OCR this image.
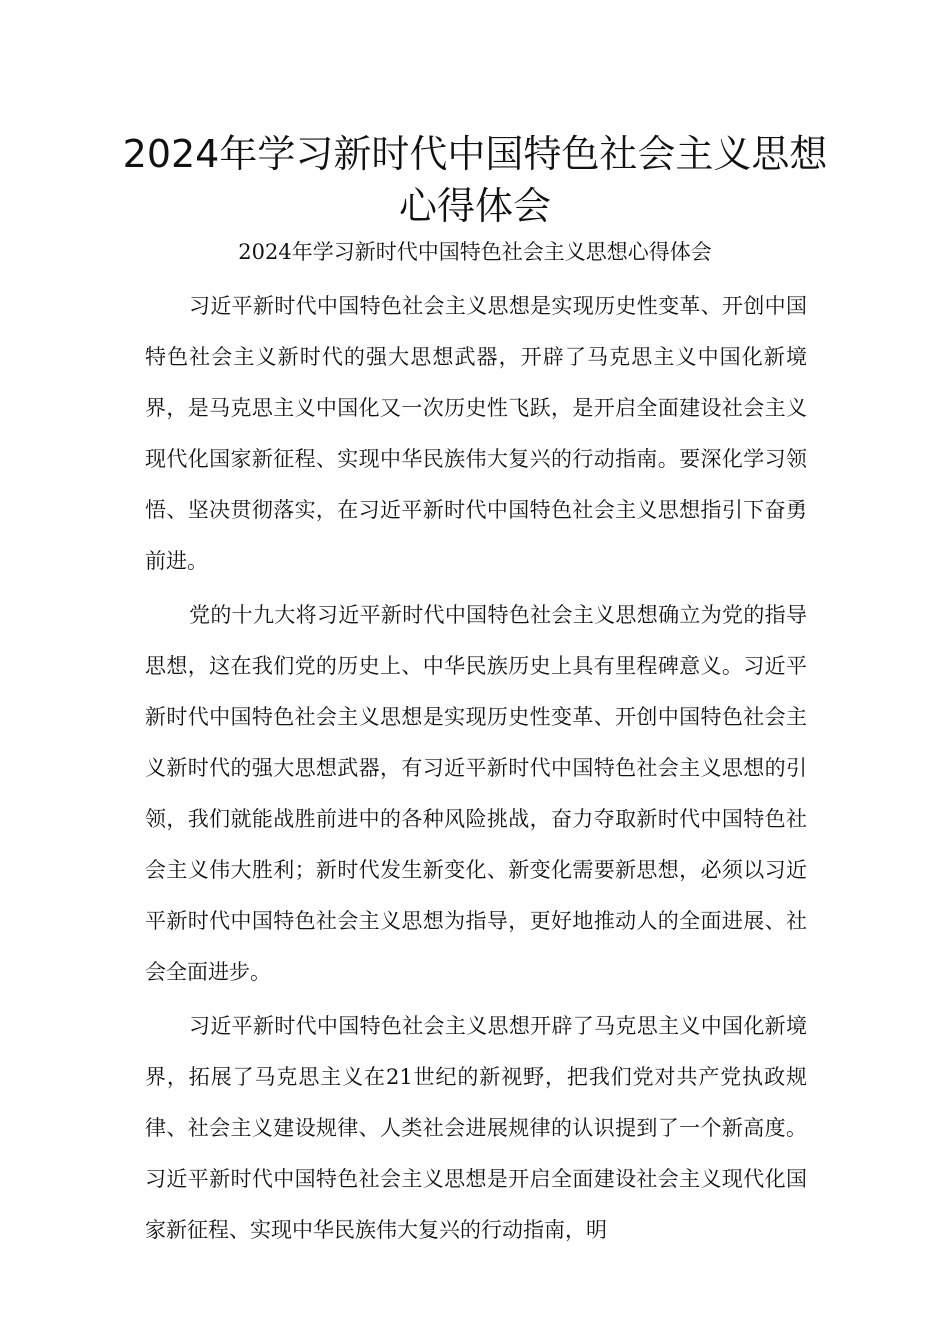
2024年学习新时代中国特色社会主义思想心得体会
2024年学习新时代中国特色社会主义思想心得体会

习近平新时代中国特色社会主义思想是实现历史性变革、开创中国特色社会主义新时代的强大思想武器，开辟了马克思主义中国化新境界，是马克思主义中国化又一次历史性飞跃，是开启全面建设社会主义现代化国家新征程、实现中华民族伟大复兴的行动指南。要深化学习领悟、坚决贯彻落实，在习近平新时代中国特色社会主义思想指引下奋勇前进。

党的十九大将习近平新时代中国特色社会主义思想确立为党的指导思想，这在我们党的历史上、中华民族历史上具有里程碑意义。习近平新时代中国特色社会主义思想是实现历史性变革、开创中国特色社会主义新时代的强大思想武器，有习近平新时代中国特色社会主义思想的引领，我们就能战胜前进中的各种风险挑战，奋力夺取新时代中国特色社会主义伟大胜利；新时代发生新变化、新变化需要新思想，必须以习近平新时代中国特色社会主义思想为指导，更好地推动人的全面进展、社会全面进步。

习近平新时代中国特色社会主义思想开辟了马克思主义中国化新境界，拓展了马克思主义在21世纪的新视野，把我们党对共产党执政规律、社会主义建设规律、人类社会进展规律的认识提到了一个新高度。习近平新时代中国特色社会主义思想是开启全面建设社会主义现代化国家新征程、实现中华民族伟大复兴的行动指南，明
